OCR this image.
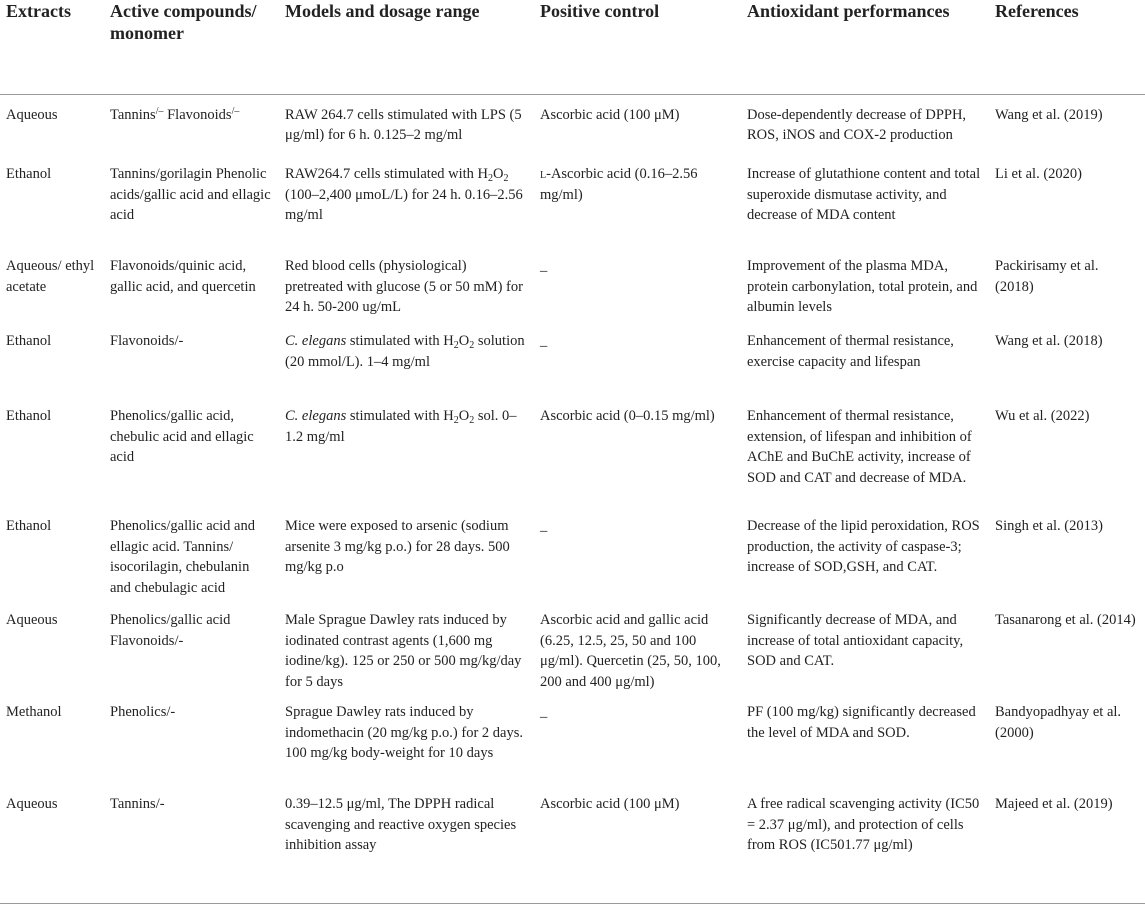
Extracts	Active compounds/ monomer	Models and dosage range	Positive control	Antioxidant performances	References
Aqueous	Tannins/– Flavonoids/–	RAW 264.7 cells stimulated with LPS (5 μg/ml) for 6 h. 0.125–2 mg/ml	Ascorbic acid (100 μM)	Dose-dependently decrease of DPPH, ROS, iNOS and COX-2 production	Wang et al. (2019)
Ethanol	Tannins/gorilagin Phenolic acids/gallic acid and ellagic acid	RAW264.7 cells stimulated with $H_2O_2$ (100–2,400 μmoL/L) for 24 h. 0.16–2.56 mg/ml	l-Ascorbic acid (0.16–2.56 mg/ml)	Increase of glutathione content and total superoxide dismutase activity, and decrease of MDA content	Li et al. (2020)
Aqueous/ ethyl acetate	Flavonoids/quinic acid, gallic acid, and quercetin	Red blood cells (physiological) pretreated with glucose (5 or 50 mM) for 24 h. 50-200 ug/mL	_	Improvement of the plasma MDA, protein carbonylation, total protein, and albumin levels	Packirisamy et al. (2018)
Ethanol	Flavonoids/-	C. elegans stimulated with $H_2O_2$ solution (20 mmol/L). 1–4 mg/ml	_	Enhancement of thermal resistance, exercise capacity and lifespan	Wang et al. (2018)
Ethanol	Phenolics/gallic acid, chebulic acid and ellagic acid	C. elegans stimulated with $H_2O_2$ sol. 0–1.2 mg/ml	Ascorbic acid (0–0.15 mg/ml)	Enhancement of thermal resistance, extension, of lifespan and inhibition of AChE and BuChE activity, increase of SOD and CAT and decrease of MDA.	Wu et al. (2022)
Ethanol	Phenolics/gallic acid and ellagic acid. Tannins/ isocorilagin, chebulanin and chebulagic acid	Mice were exposed to arsenic (sodium arsenite 3 mg/kg p.o.) for 28 days. 500 mg/kg p.o	_	Decrease of the lipid peroxidation, ROS production, the activity of caspase-3; increase of SOD,GSH, and CAT.	Singh et al. (2013)
Aqueous	Phenolics/gallic acid Flavonoids/-	Male Sprague Dawley rats induced by iodinated contrast agents (1,600 mg iodine/kg). 125 or 250 or 500 mg/kg/day for 5 days	Ascorbic acid and gallic acid (6.25, 12.5, 25, 50 and 100 μg/ml). Quercetin (25, 50, 100, 200 and 400 μg/ml)	Significantly decrease of MDA, and increase of total antioxidant capacity, SOD and CAT.	Tasanarong et al. (2014)
Methanol	Phenolics/-	Sprague Dawley rats induced by indomethacin (20 mg/kg p.o.) for 2 days. 100 mg/kg body-weight for 10 days	_	PF (100 mg/kg) significantly decreased the level of MDA and SOD.	Bandyopadhyay et al. (2000)
Aqueous	Tannins/-	0.39–12.5 μg/ml, The DPPH radical scavenging and reactive oxygen species inhibition assay	Ascorbic acid (100 μM)	A free radical scavenging activity (IC50 = 2.37 μg/ml), and protection of cells from ROS (IC501.77 μg/ml)	Majeed et al. (2019)
